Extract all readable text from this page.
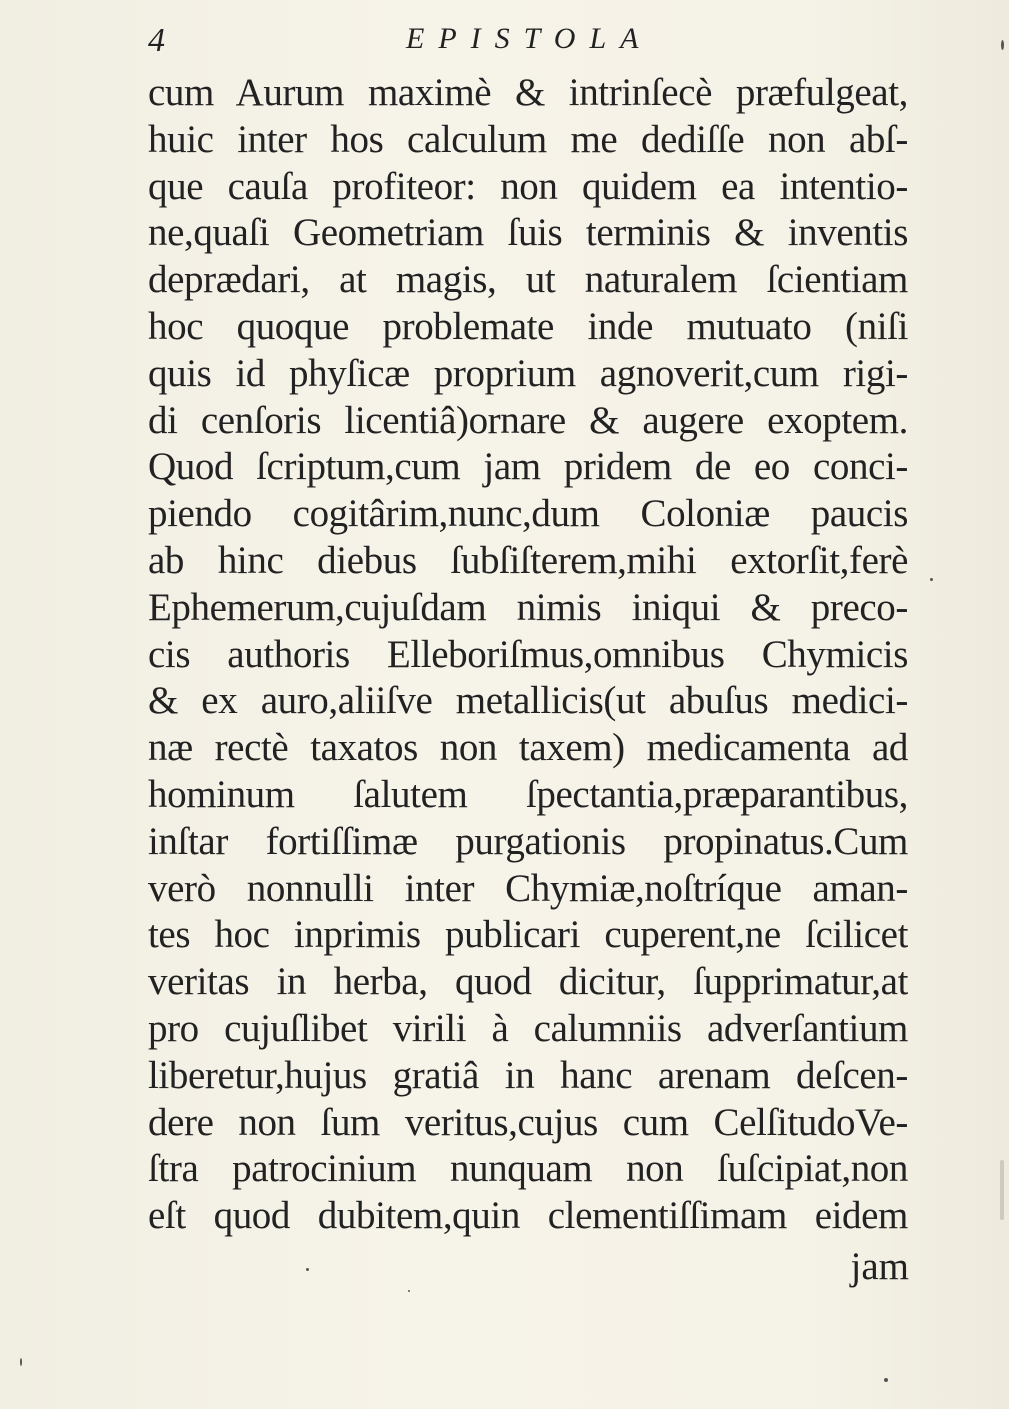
4	EPISTOLA
cum Aurum maximè & intrinſecè præfulgeat,
huic inter hos calculum me dediſſe non abſ-
que cauſa profiteor: non quidem ea intentio-
ne,quaſi Geometriam ſuis terminis & inventis
deprædari, at magis, ut naturalem ſcientiam
hoc quoque problemate inde mutuato (niſi
quis id phyſicæ proprium agnoverit,cum rigi-
di cenſoris licentiâ)ornare & augere exoptem.
Quod ſcriptum,cum jam pridem de eo conci-
piendo cogitârim,nunc,dum Coloniæ paucis
ab hinc diebus ſubſiſterem,mihi extorſit,ferè
Ephemerum,cujuſdam nimis iniqui & preco-
cis authoris Elleboriſmus,omnibus Chymicis
& ex auro,aliiſve metallicis(ut abuſus medici-
næ rectè taxatos non taxem) medicamenta ad
hominum ſalutem ſpectantia,præparantibus,
inſtar fortiſſimæ purgationis propinatus.Cum
verò nonnulli inter Chymiæ,noſtríque aman-
tes hoc inprimis publicari cuperent,ne ſcilicet
veritas in herba, quod dicitur, ſupprimatur,at
pro cujuſlibet virili à calumniis adverſantium
liberetur,hujus gratiâ in hanc arenam deſcen-
dere non ſum veritus,cujus cum CelſitudoVe-
ſtra patrocinium nunquam non ſuſcipiat,non
eſt quod dubitem,quin clementiſſimam eidem
jam
